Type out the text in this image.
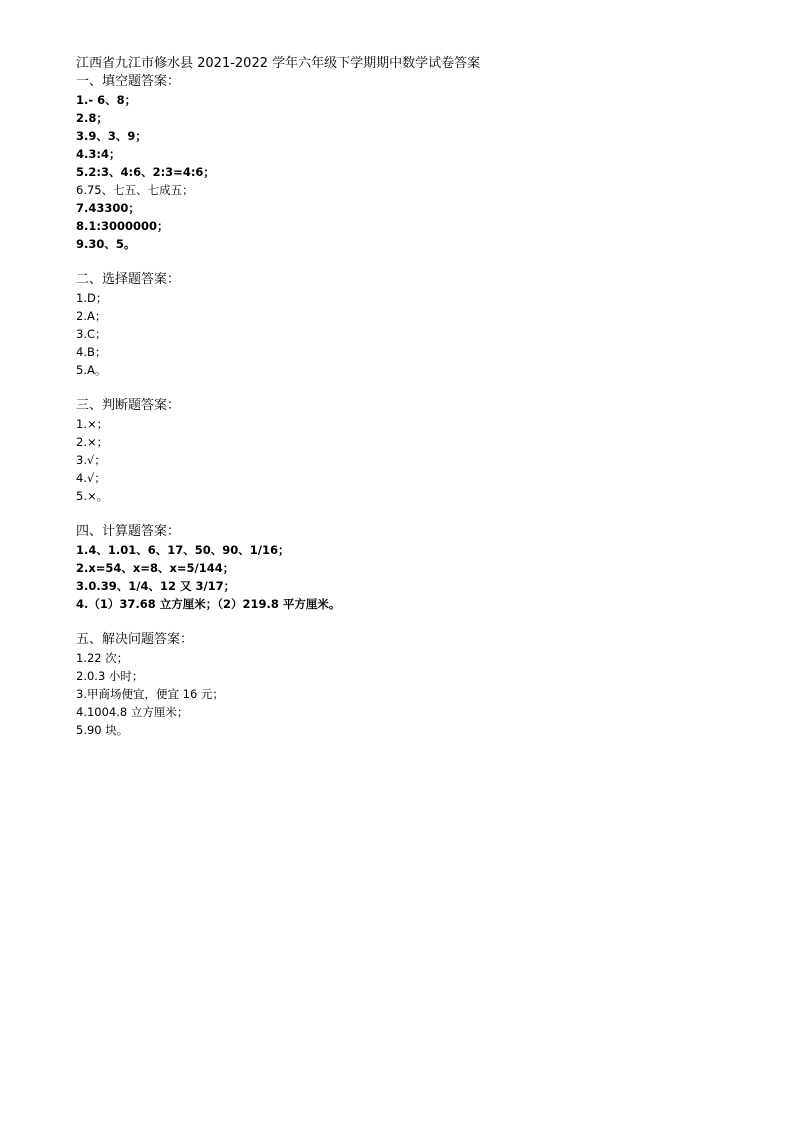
江西省九江市修水县 2021-2022 学年六年级下学期期中数学试卷答案
一、填空题答案：
1.- 6、8；
2.8；
3.9、3、9；
4.3:4；
5.2:3、4:6、2:3=4:6；
6.75、七五、七成五；
7.43300；
8.1:3000000；
9.30、5。
二、选择题答案：
1.D；
2.A；
3.C；
4.B；
5.A。
三、判断题答案：
1.×；
2.×；
3.√；
4.√；
5.×。
四、计算题答案：
1.4、1.01、6、17、50、90、1/16；
2.x=54、x=8、x=5/144；
3.0.39、1/4、12 又 3/17；
4.（1）37.68 立方厘米；（2）219.8 平方厘米。
五、解决问题答案：
1.22 次；
2.0.3 小时；
3.甲商场便宜，便宜 16 元；
4.1004.8 立方厘米；
5.90 块。
